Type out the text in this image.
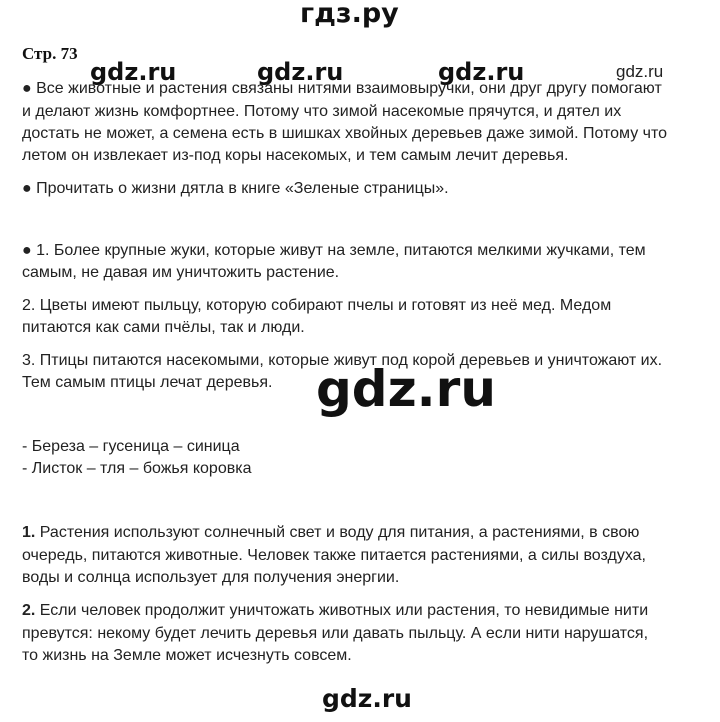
гдз.ру
Стр. 73
gdz.ru	gdz.ru	gdz.ru	gdz.ru
● Все животные и растения связаны нитями взаимовыручки, они друг другу помогают
и делают жизнь комфортнее. Потому что зимой насекомые прячутся, и дятел их
достать не может, а семена есть в шишках хвойных деревьев даже зимой. Потому что
летом он извлекает из-под коры насекомых, и тем самым лечит деревья.
● Прочитать о жизни дятла в книге «Зеленые страницы».
● 1. Более крупные жуки, которые живут на земле, питаются мелкими жучками, тем
самым, не давая им уничтожить растение.
2. Цветы имеют пыльцу, которую собирают пчелы и готовят из неё мед. Медом
питаются как сами пчёлы, так и люди.
3. Птицы питаются насекомыми, которые живут под корой деревьев и уничтожают их.
Тем самым птицы лечат деревья. gdz.ru
- Береза – гусеница – синица
- Листок – тля – божья коровка
1. Растения используют солнечный свет и воду для питания, а растениями, в свою
очередь, питаются животные. Человек также питается растениями, а силы воздуха,
воды и солнца использует для получения энергии.
2. Если человек продолжит уничтожать животных или растения, то невидимые нити
превутся: некому будет лечить деревья или давать пыльцу. А если нити нарушатся,
то жизнь на Земле может исчезнуть совсем.
gdz.ru
